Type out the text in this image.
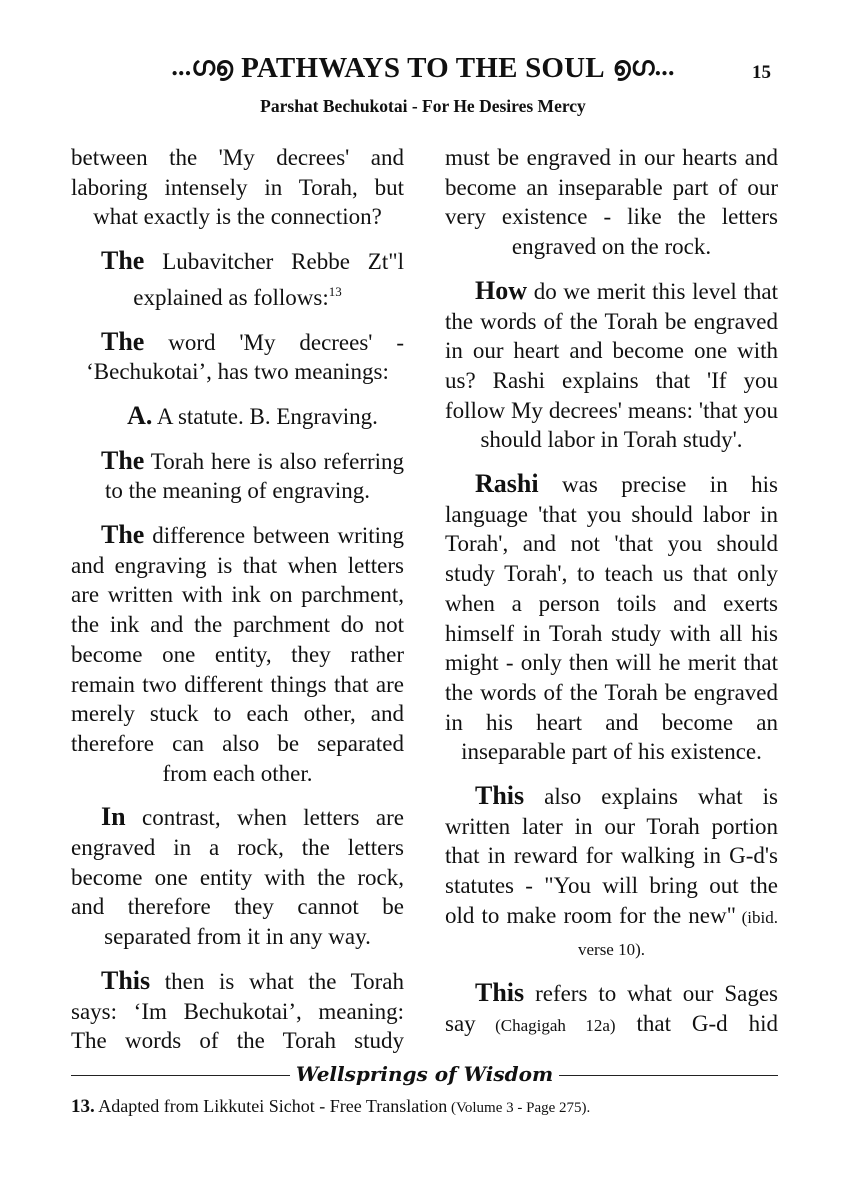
...ഗ൭ PATHWAYS TO THE SOUL ൭ഗ...	15
Parshat Bechukotai - For He Desires Mercy

between the 'My decrees' and laboring intensely in Torah, but what exactly is the connection?

The Lubavitcher Rebbe Zt"l explained as follows:$^{13}$

The word 'My decrees' - ‘Bechukotai’, has two meanings:

A. A statute. B. Engraving.

The Torah here is also referring to the meaning of engraving.

The difference between writing and engraving is that when letters are written with ink on parchment, the ink and the parchment do not become one entity, they rather remain two different things that are merely stuck to each other, and therefore can also be separated from each other.

In contrast, when letters are engraved in a rock, the letters become one entity with the rock, and therefore they cannot be separated from it in any way.

This then is what the Torah says: ‘Im Bechukotai’, meaning: The words of the Torah study

must be engraved in our hearts and become an inseparable part of our very existence - like the letters engraved on the rock.

How do we merit this level that the words of the Torah be engraved in our heart and become one with us? Rashi explains that 'If you follow My decrees' means: 'that you should labor in Torah study'.

Rashi was precise in his language 'that you should labor in Torah', and not 'that you should study Torah', to teach us that only when a person toils and exerts himself in Torah study with all his might - only then will he merit that the words of the Torah be engraved in his heart and become an inseparable part of his existence.

This also explains what is written later in our Torah portion that in reward for walking in G-d's statutes - "You will bring out the old to make room for the new" (ibid. verse 10).

This refers to what our Sages say (Chagigah 12a) that G-d hid

Wellsprings of Wisdom
13. Adapted from Likkutei Sichot - Free Translation (Volume 3 - Page 275).
